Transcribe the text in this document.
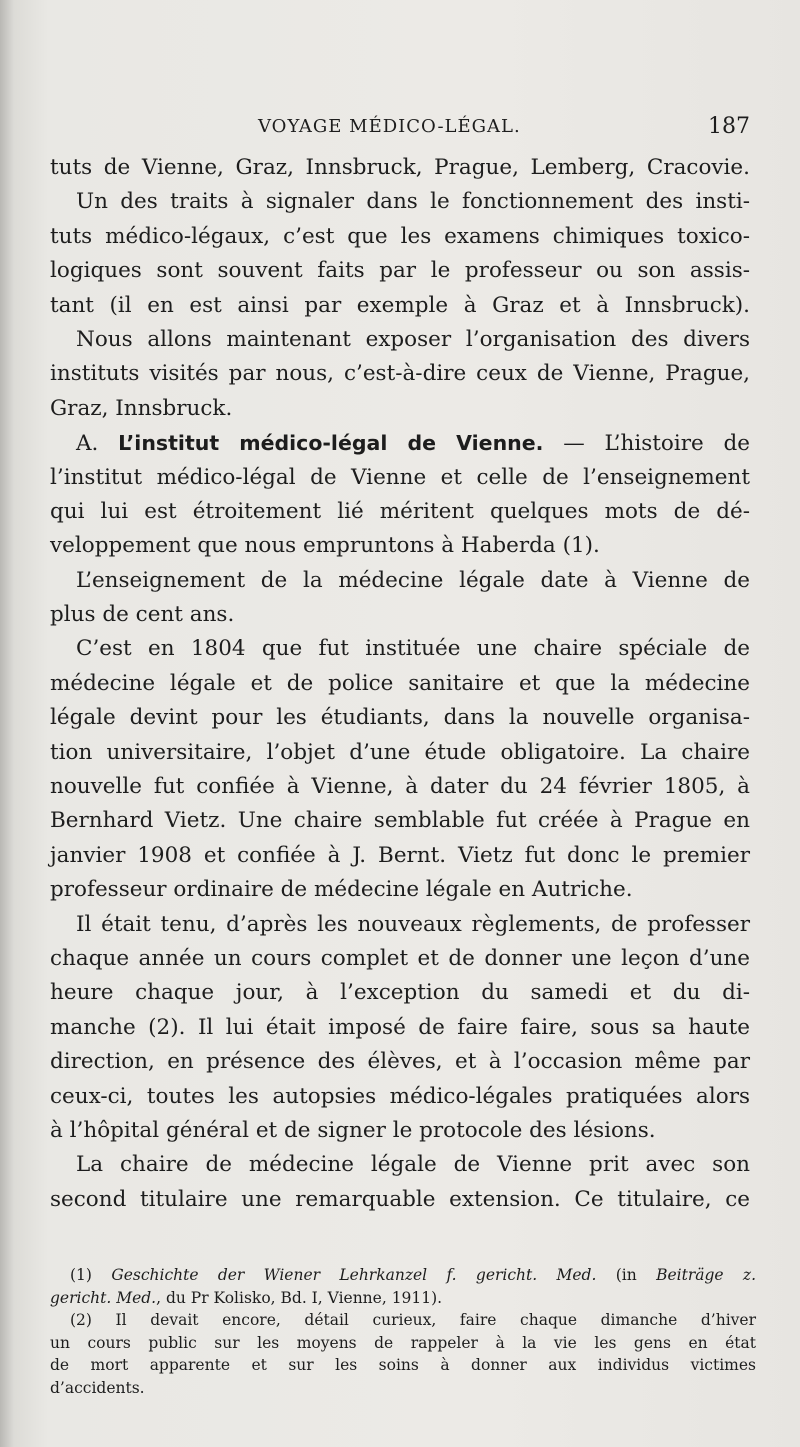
VOYAGE MÉDICO-LÉGAL.	187
tuts de Vienne, Graz, Innsbruck, Prague, Lemberg, Cracovie.
Un des traits à signaler dans le fonctionnement des insti-
tuts médico-légaux, c’est que les examens chimiques toxico-
logiques sont souvent faits par le professeur ou son assis-
tant (il en est ainsi par exemple à Graz et à Innsbruck).
Nous allons maintenant exposer l’organisation des divers
instituts visités par nous, c’est-à-dire ceux de Vienne, Prague,
Graz, Innsbruck.
A. L’institut médico-légal de Vienne. — L’histoire de
l’institut médico-légal de Vienne et celle de l’enseignement
qui lui est étroitement lié méritent quelques mots de dé-
veloppement que nous empruntons à Haberda (1).
L’enseignement de la médecine légale date à Vienne de
plus de cent ans.
C’est en 1804 que fut instituée une chaire spéciale de
médecine légale et de police sanitaire et que la médecine
légale devint pour les étudiants, dans la nouvelle organisa-
tion universitaire, l’objet d’une étude obligatoire. La chaire
nouvelle fut confiée à Vienne, à dater du 24 février 1805, à
Bernhard Vietz. Une chaire semblable fut créée à Prague en
janvier 1908 et confiée à J. Bernt. Vietz fut donc le premier
professeur ordinaire de médecine légale en Autriche.
Il était tenu, d’après les nouveaux règlements, de professer
chaque année un cours complet et de donner une leçon d’une
heure chaque jour, à l’exception du samedi et du di-
manche (2). Il lui était imposé de faire faire, sous sa haute
direction, en présence des élèves, et à l’occasion même par
ceux-ci, toutes les autopsies médico-légales pratiquées alors
à l’hôpital général et de signer le protocole des lésions.
La chaire de médecine légale de Vienne prit avec son
second titulaire une remarquable extension. Ce titulaire, ce
(1) Geschichte der Wiener Lehrkanzel f. gericht. Med. (in Beiträge z.
gericht. Med., du Pr Kolisko, Bd. I, Vienne, 1911).
(2) Il devait encore, détail curieux, faire chaque dimanche d’hiver
un cours public sur les moyens de rappeler à la vie les gens en état
de mort apparente et sur les soins à donner aux individus victimes
d’accidents.
